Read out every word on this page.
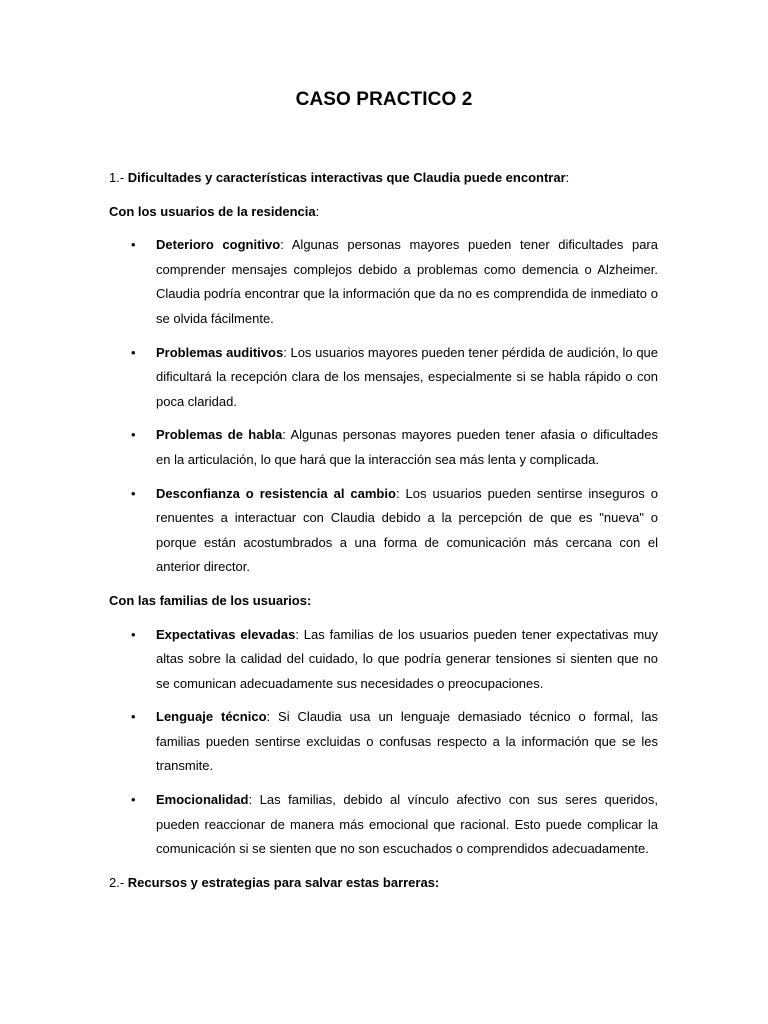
CASO PRACTICO 2

1.- Dificultades y características interactivas que Claudia puede encontrar:

Con los usuarios de la residencia:

• Deterioro cognitivo: Algunas personas mayores pueden tener dificultades para comprender mensajes complejos debido a problemas como demencia o Alzheimer. Claudia podría encontrar que la información que da no es comprendida de inmediato o se olvida fácilmente.
• Problemas auditivos: Los usuarios mayores pueden tener pérdida de audición, lo que dificultará la recepción clara de los mensajes, especialmente si se habla rápido o con poca claridad.
• Problemas de habla: Algunas personas mayores pueden tener afasia o dificultades en la articulación, lo que hará que la interacción sea más lenta y complicada.
• Desconfianza o resistencia al cambio: Los usuarios pueden sentirse inseguros o renuentes a interactuar con Claudia debido a la percepción de que es "nueva" o porque están acostumbrados a una forma de comunicación más cercana con el anterior director.

Con las familias de los usuarios:

• Expectativas elevadas: Las familias de los usuarios pueden tener expectativas muy altas sobre la calidad del cuidado, lo que podría generar tensiones si sienten que no se comunican adecuadamente sus necesidades o preocupaciones.
• Lenguaje técnico: Si Claudia usa un lenguaje demasiado técnico o formal, las familias pueden sentirse excluidas o confusas respecto a la información que se les transmite.
• Emocionalidad: Las familias, debido al vínculo afectivo con sus seres queridos, pueden reaccionar de manera más emocional que racional. Esto puede complicar la comunicación si se sienten que no son escuchados o comprendidos adecuadamente.

2.- Recursos y estrategias para salvar estas barreras:
